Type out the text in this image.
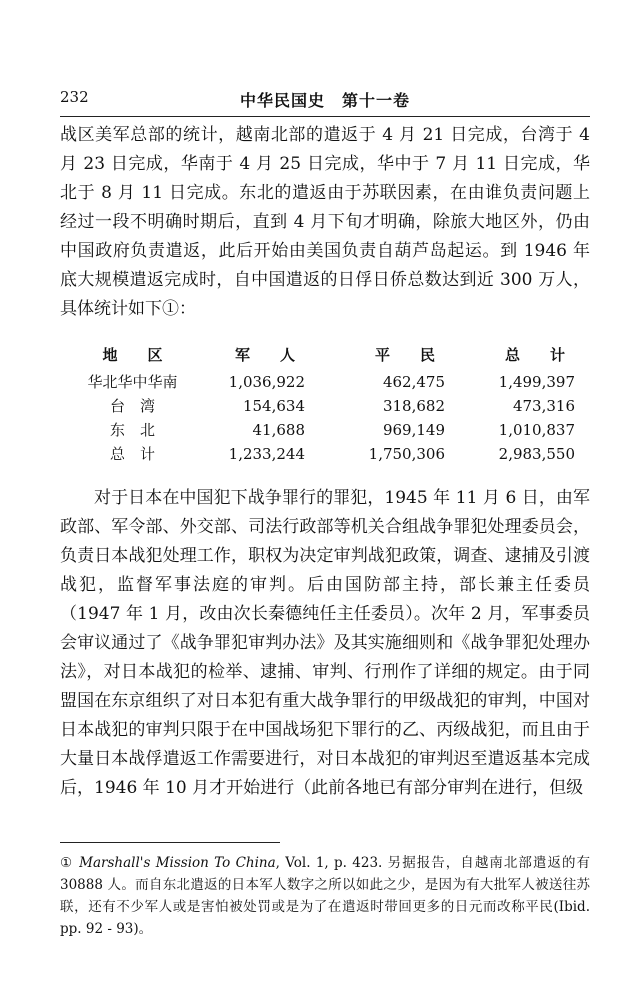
232	中华民国史　第十一卷

战区美军总部的统计，越南北部的遣返于 4 月 21 日完成，台湾于 4 月 23 日完成，华南于 4 月 25 日完成，华中于 7 月 11 日完成，华北于 8 月 11 日完成。东北的遣返由于苏联因素，在由谁负责问题上经过一段不明确时期后，直到 4 月下旬才明确，除旅大地区外，仍由中国政府负责遣返，此后开始由美国负责自葫芦岛起运。到 1946 年底大规模遣返完成时，自中国遣返的日俘日侨总数达到近 300 万人，具体统计如下①：

地　　区	军　　人	平　　民	总　　计
华北华中华南	1,036,922	462,475	1,499,397
台　湾	154,634	318,682	473,316
东　北	41,688	969,149	1,010,837
总　计	1,233,244	1,750,306	2,983,550

对于日本在中国犯下战争罪行的罪犯，1945 年 11 月 6 日，由军政部、军令部、外交部、司法行政部等机关合组战争罪犯处理委员会，负责日本战犯处理工作，职权为决定审判战犯政策，调查、逮捕及引渡战犯，监督军事法庭的审判。后由国防部主持，部长兼主任委员（1947 年 1 月，改由次长秦德纯任主任委员）。次年 2 月，军事委员会审议通过了《战争罪犯审判办法》及其实施细则和《战争罪犯处理办法》，对日本战犯的检举、逮捕、审判、行刑作了详细的规定。由于同盟国在东京组织了对日本犯有重大战争罪行的甲级战犯的审判，中国对日本战犯的审判只限于在中国战场犯下罪行的乙、丙级战犯，而且由于大量日本战俘遣返工作需要进行，对日本战犯的审判迟至遣返基本完成后，1946 年 10 月才开始进行（此前各地已有部分审判在进行，但级

① Marshall's Mission To China, Vol. 1, p. 423. 另据报告，自越南北部遣返的有 30888 人。而自东北遣返的日本军人数字之所以如此之少，是因为有大批军人被送往苏联，还有不少军人或是害怕被处罚或是为了在遣返时带回更多的日元而改称平民(Ibid. pp. 92 - 93)。
